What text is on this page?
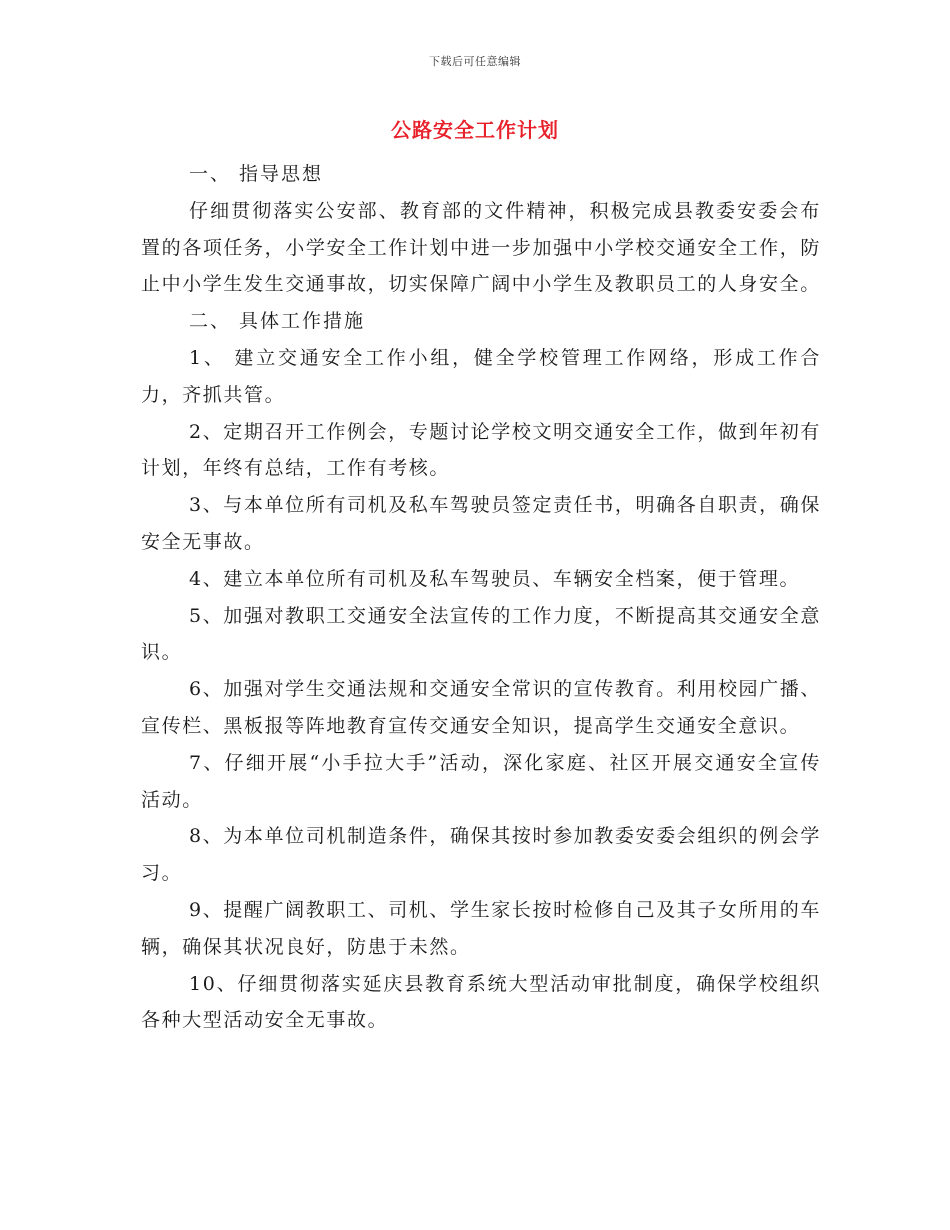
下载后可任意编辑
公路安全工作计划

一、 指导思想

仔细贯彻落实公安部、教育部的文件精神，积极完成县教委安委会布置的各项任务，小学安全工作计划中进一步加强中小学校交通安全工作，防止中小学生发生交通事故，切实保障广阔中小学生及教职员工的人身安全。

二、 具体工作措施

1、 建立交通安全工作小组，健全学校管理工作网络，形成工作合力，齐抓共管。

2、定期召开工作例会，专题讨论学校文明交通安全工作，做到年初有计划，年终有总结，工作有考核。

3、与本单位所有司机及私车驾驶员签定责任书，明确各自职责，确保安全无事故。

4、建立本单位所有司机及私车驾驶员、车辆安全档案，便于管理。

5、加强对教职工交通安全法宣传的工作力度，不断提高其交通安全意识。

6、加强对学生交通法规和交通安全常识的宣传教育。利用校园广播、宣传栏、黑板报等阵地教育宣传交通安全知识，提高学生交通安全意识。

7、仔细开展“小手拉大手”活动，深化家庭、社区开展交通安全宣传活动。

8、为本单位司机制造条件，确保其按时参加教委安委会组织的例会学习。

9、提醒广阔教职工、司机、学生家长按时检修自己及其子女所用的车辆，确保其状况良好，防患于未然。

10、仔细贯彻落实延庆县教育系统大型活动审批制度，确保学校组织各种大型活动安全无事故。
